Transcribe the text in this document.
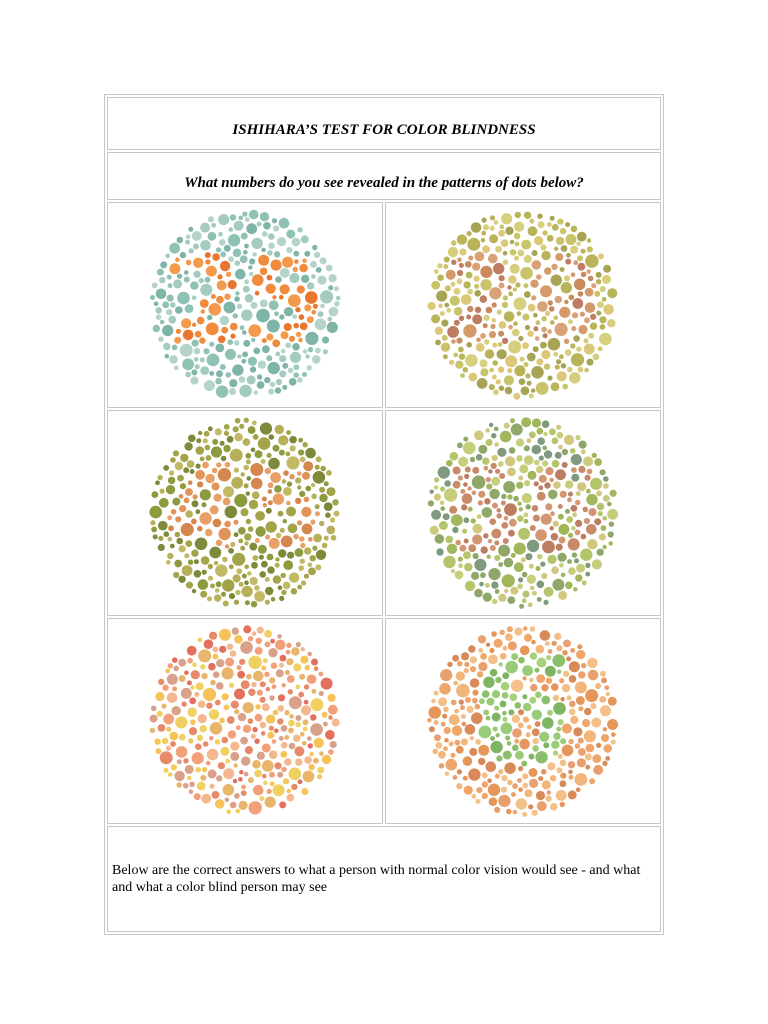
ISHIHARA’S TEST FOR COLOR BLINDNESS	
What numbers do you see revealed in the patterns of dots below?	

Below are the correct answers to what a person with normal color vision would see - and what and what a color blind person may see	
